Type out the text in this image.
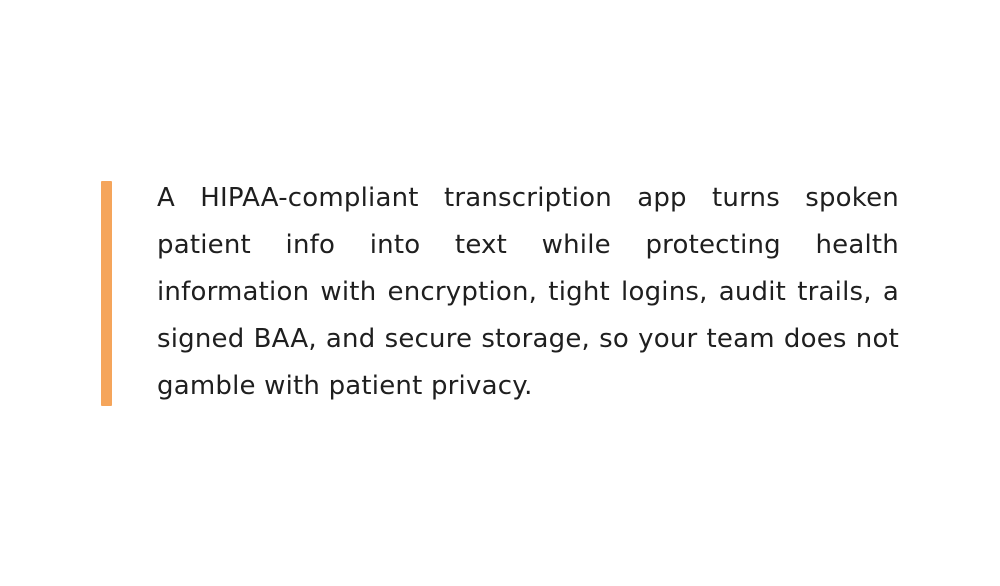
A HIPAA-compliant transcription app turns spoken patient info into text while protecting health information with encryption, tight logins, audit trails, a signed BAA, and secure storage, so your team does not gamble with patient privacy.
